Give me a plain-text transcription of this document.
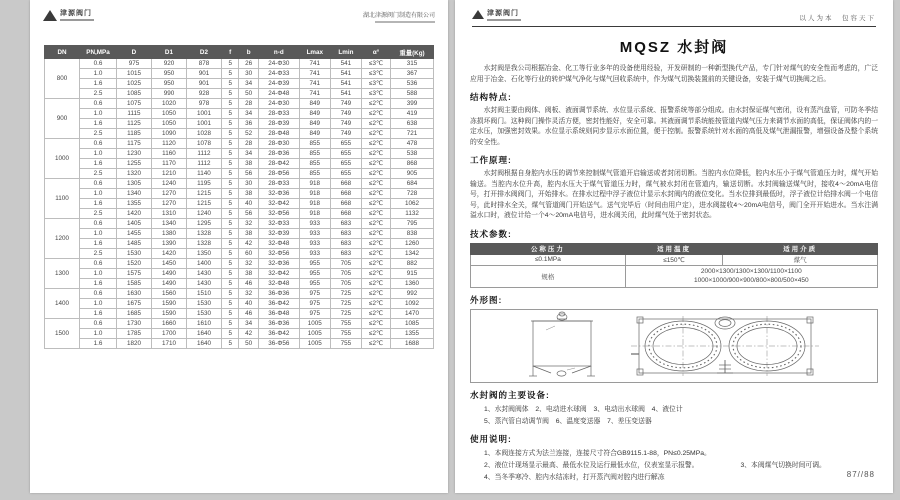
津源阀门	湖北津源阀门制造有限公司
DN	PN,MPa	D	D1	D2	f	b	n-d	Lmax	Lmin	α°	重量(Kg)
800	0.6	975	920	878	5	26	24-Φ30	741	541	≤3℃	315
	1.0	1015	950	901	5	30	24-Φ33	741	541	≤3℃	367
	1.6	1025	950	901	5	34	24-Φ39	741	541	≤3℃	536
	2.5	1085	990	928	5	50	24-Φ48	741	541	≤3℃	588
900	0.6	1075	1020	978	5	28	24-Φ30	849	749	≤2℃	399
	1.0	1115	1050	1001	5	34	28-Φ33	849	749	≤2℃	419
	1.6	1125	1050	1001	5	36	28-Φ39	849	749	≤2℃	638
	2.5	1185	1090	1028	5	52	28-Φ48	849	749	≤2℃	721
1000	0.6	1175	1120	1078	5	28	28-Φ30	855	655	≤2℃	478
	1.0	1230	1160	1112	5	34	28-Φ36	855	655	≤2℃	538
	1.6	1255	1170	1112	5	38	28-Φ42	855	655	≤2℃	868
	2.5	1320	1210	1140	5	56	28-Φ56	855	655	≤2℃	905
1100	0.6	1305	1240	1195	5	30	28-Φ33	918	668	≤2℃	684
	1.0	1340	1270	1215	5	38	32-Φ36	918	668	≤2℃	728
	1.6	1355	1270	1215	5	40	32-Φ42	918	668	≤2℃	1062
	2.5	1420	1310	1240	5	56	32-Φ56	918	668	≤2℃	1132
1200	0.6	1405	1340	1295	5	32	32-Φ33	933	683	≤2℃	795
	1.0	1455	1380	1328	5	38	32-Φ39	933	683	≤2℃	838
	1.6	1485	1390	1328	5	42	32-Φ48	933	683	≤2℃	1260
	2.5	1530	1420	1350	5	60	32-Φ56	933	683	≤2℃	1342
1300	0.6	1520	1450	1400	5	32	32-Φ36	955	705	≤2℃	882
	1.0	1575	1490	1430	5	38	32-Φ42	955	705	≤2℃	915
	1.6	1585	1490	1430	5	46	32-Φ48	955	705	≤2℃	1360
1400	0.6	1630	1560	1510	5	32	36-Φ36	975	725	≤2℃	992
	1.0	1675	1590	1530	5	40	36-Φ42	975	725	≤2℃	1092
	1.6	1685	1590	1530	5	46	36-Φ48	975	725	≤2℃	1470
1500	0.6	1730	1660	1610	5	34	36-Φ36	1005	755	≤2℃	1085
	1.0	1785	1700	1640	5	42	36-Φ42	1005	755	≤2℃	1355
	1.6	1820	1710	1640	5	50	36-Φ56	1005	755	≤2℃	1688
津源阀门
以人为本　包容天下
MQSZ 水封阀

水封阀是我公司根据冶金、化工等行业多年的设备使用经验，开发研制的一种新型换代产品，专门针对煤气的安全性而考虑的，广泛应用于冶金、石化等行业的转炉煤气净化与煤气回收系统中，作为煤气切换装置前的关键设备，安装于煤气切换阀之后。

结构特点:

水封阀主要由阀体、阀板、液面调节系统、水位显示系统、报警系统等部分组成。由水封保证煤气密闭，设有蒸汽盘管，可防冬季结冻损坏阀门。这种阀门操作灵活方便，密封性能好，安全可靠。其液面调节系统能按管道内煤气压力来调节水面的高低，保证阀体内的一定水压，加强密封效果。水位显示系统则同步显示水面位置，便于控制。报警系统针对水面的高低及煤气泄漏报警，增强设备及整个系统的安全性。

工作原理:

水封阀根据自身腔内水压的调节来控制煤气管道开启输送或者封闭切断。当腔内水位降低，腔内水压小于煤气管道压力时，煤气开始输送。当腔内水位升高，腔内水压大于煤气管道压力时，煤气被水封闭在管道内，输送切断。水封阀输送煤气时，接收4～20mA电信号，打开排水阀阀门，开始排水。在排水过程中浮子液位计显示水封阀内的液位变化。当水位排到最低时，浮子液位计给排水阀一个电信号，此时排水全关，煤气管道阀门开始送气。送气完毕后（时间由用户定），进水阀接收4～20mA电信号，阀门全开开始进水。当水注满溢水口时，液位计给一个4～20mA电信号，进水阀关闭，此时煤气处于密封状态。

技术参数:
公称压力	适用温度	适用介质
≤0.1MPa	≤150℃	煤气
规格	2000×1300/1300×1300/1100×1100
1000×1000/900×900/800×800/500×450	
外形图:
水封阀的主要设备:
1、水封阀阀体　2、电动进水球阀　3、电动出水球阀　4、液位计
5、蒸汽管自动调节阀　6、温度变送器　7、差压变送器
使用说明:
1、本阀连接方式为法兰连接，连接尺寸符合GB9115.1-88，PN≤0.25MPa。
2、液位计现场显示最高、最低水位及运行最低水位，仪表室显示报警。	3、本阀煤气切换时间可调。
4、当冬季寒冷、腔内水结冻时，打开蒸汽阀对腔内进行解冻	87//88
